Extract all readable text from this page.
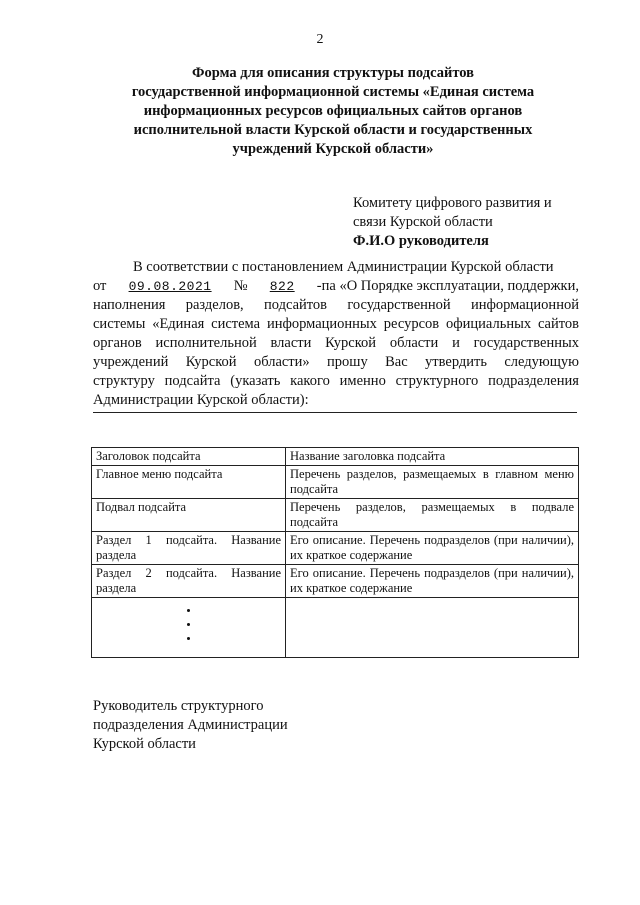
2
Форма для описания структуры подсайтов
государственной информационной системы «Единая система
информационных ресурсов официальных сайтов органов
исполнительной власти Курской области и государственных
учреждений Курской области»
Комитету цифрового развития и
связи Курской области
Ф.И.О руководителя
В соответствии с постановлением Администрации Курской области
от 09.08.2021 № 822 -па «О Порядке эксплуатации, поддержки,
наполнения разделов, подсайтов государственной информационной
системы «Единая система информационных ресурсов официальных сайтов
органов исполнительной власти Курской области и государственных
учреждений Курской области» прошу Вас утвердить следующую
структуру подсайта (указать какого именно структурного подразделения
Администрации Курской области):
Заголовок подсайта	Название заголовка подсайта
Главное меню подсайта	Перечень разделов, размещаемых в главном меню подсайта
Подвал подсайта	Перечень разделов, размещаемых в подвале подсайта
Раздел 1 подсайта. Название раздела	Его описание. Перечень подразделов (при наличии), их краткое содержание
Раздел 2 подсайта. Название раздела	Его описание. Перечень подразделов (при наличии), их краткое содержание

Руководитель структурного
подразделения Администрации
Курской области
